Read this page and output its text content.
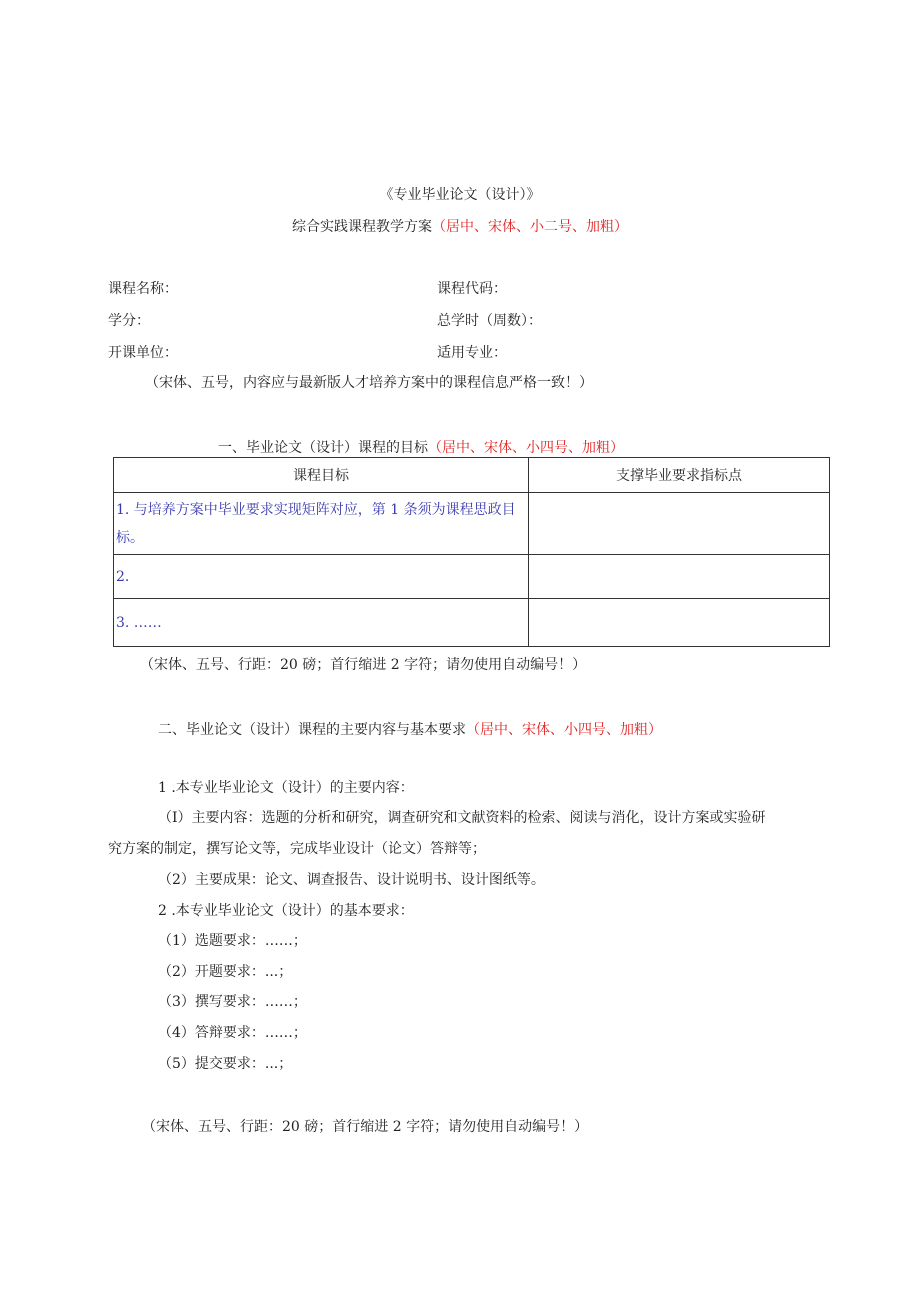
《专业毕业论文（设计）》
综合实践课程教学方案（居中、宋体、小二号、加粗）
课程名称：	课程代码：
学分：	总学时（周数）：
开课单位：	适用专业：
（宋体、五号，内容应与最新版人才培养方案中的课程信息严格一致！）
一、毕业论文（设计）课程的目标（居中、宋体、小四号、加粗）
课程目标	支撑毕业要求指标点
1. 与培养方案中毕业要求实现矩阵对应，第 1 条须为课程思政目标。	
2.	
3. ……	
（宋体、五号、行距：20 磅；首行缩进 2 字符；请勿使用自动编号！）
二、毕业论文（设计）课程的主要内容与基本要求（居中、宋体、小四号、加粗）
1 .本专业毕业论文（设计）的主要内容：
（I）主要内容：选题的分析和研究，调查研究和文献资料的检索、阅读与消化，设计方案或实验研
究方案的制定，撰写论文等，完成毕业设计（论文）答辩等；
（2）主要成果：论文、调查报告、设计说明书、设计图纸等。
2 .本专业毕业论文（设计）的基本要求：
（1）选题要求：……；
（2）开题要求：...；
（3）撰写要求：……；
（4）答辩要求：……；
（5）提交要求：...；
（宋体、五号、行距：20 磅；首行缩进 2 字符；请勿使用自动编号！）
